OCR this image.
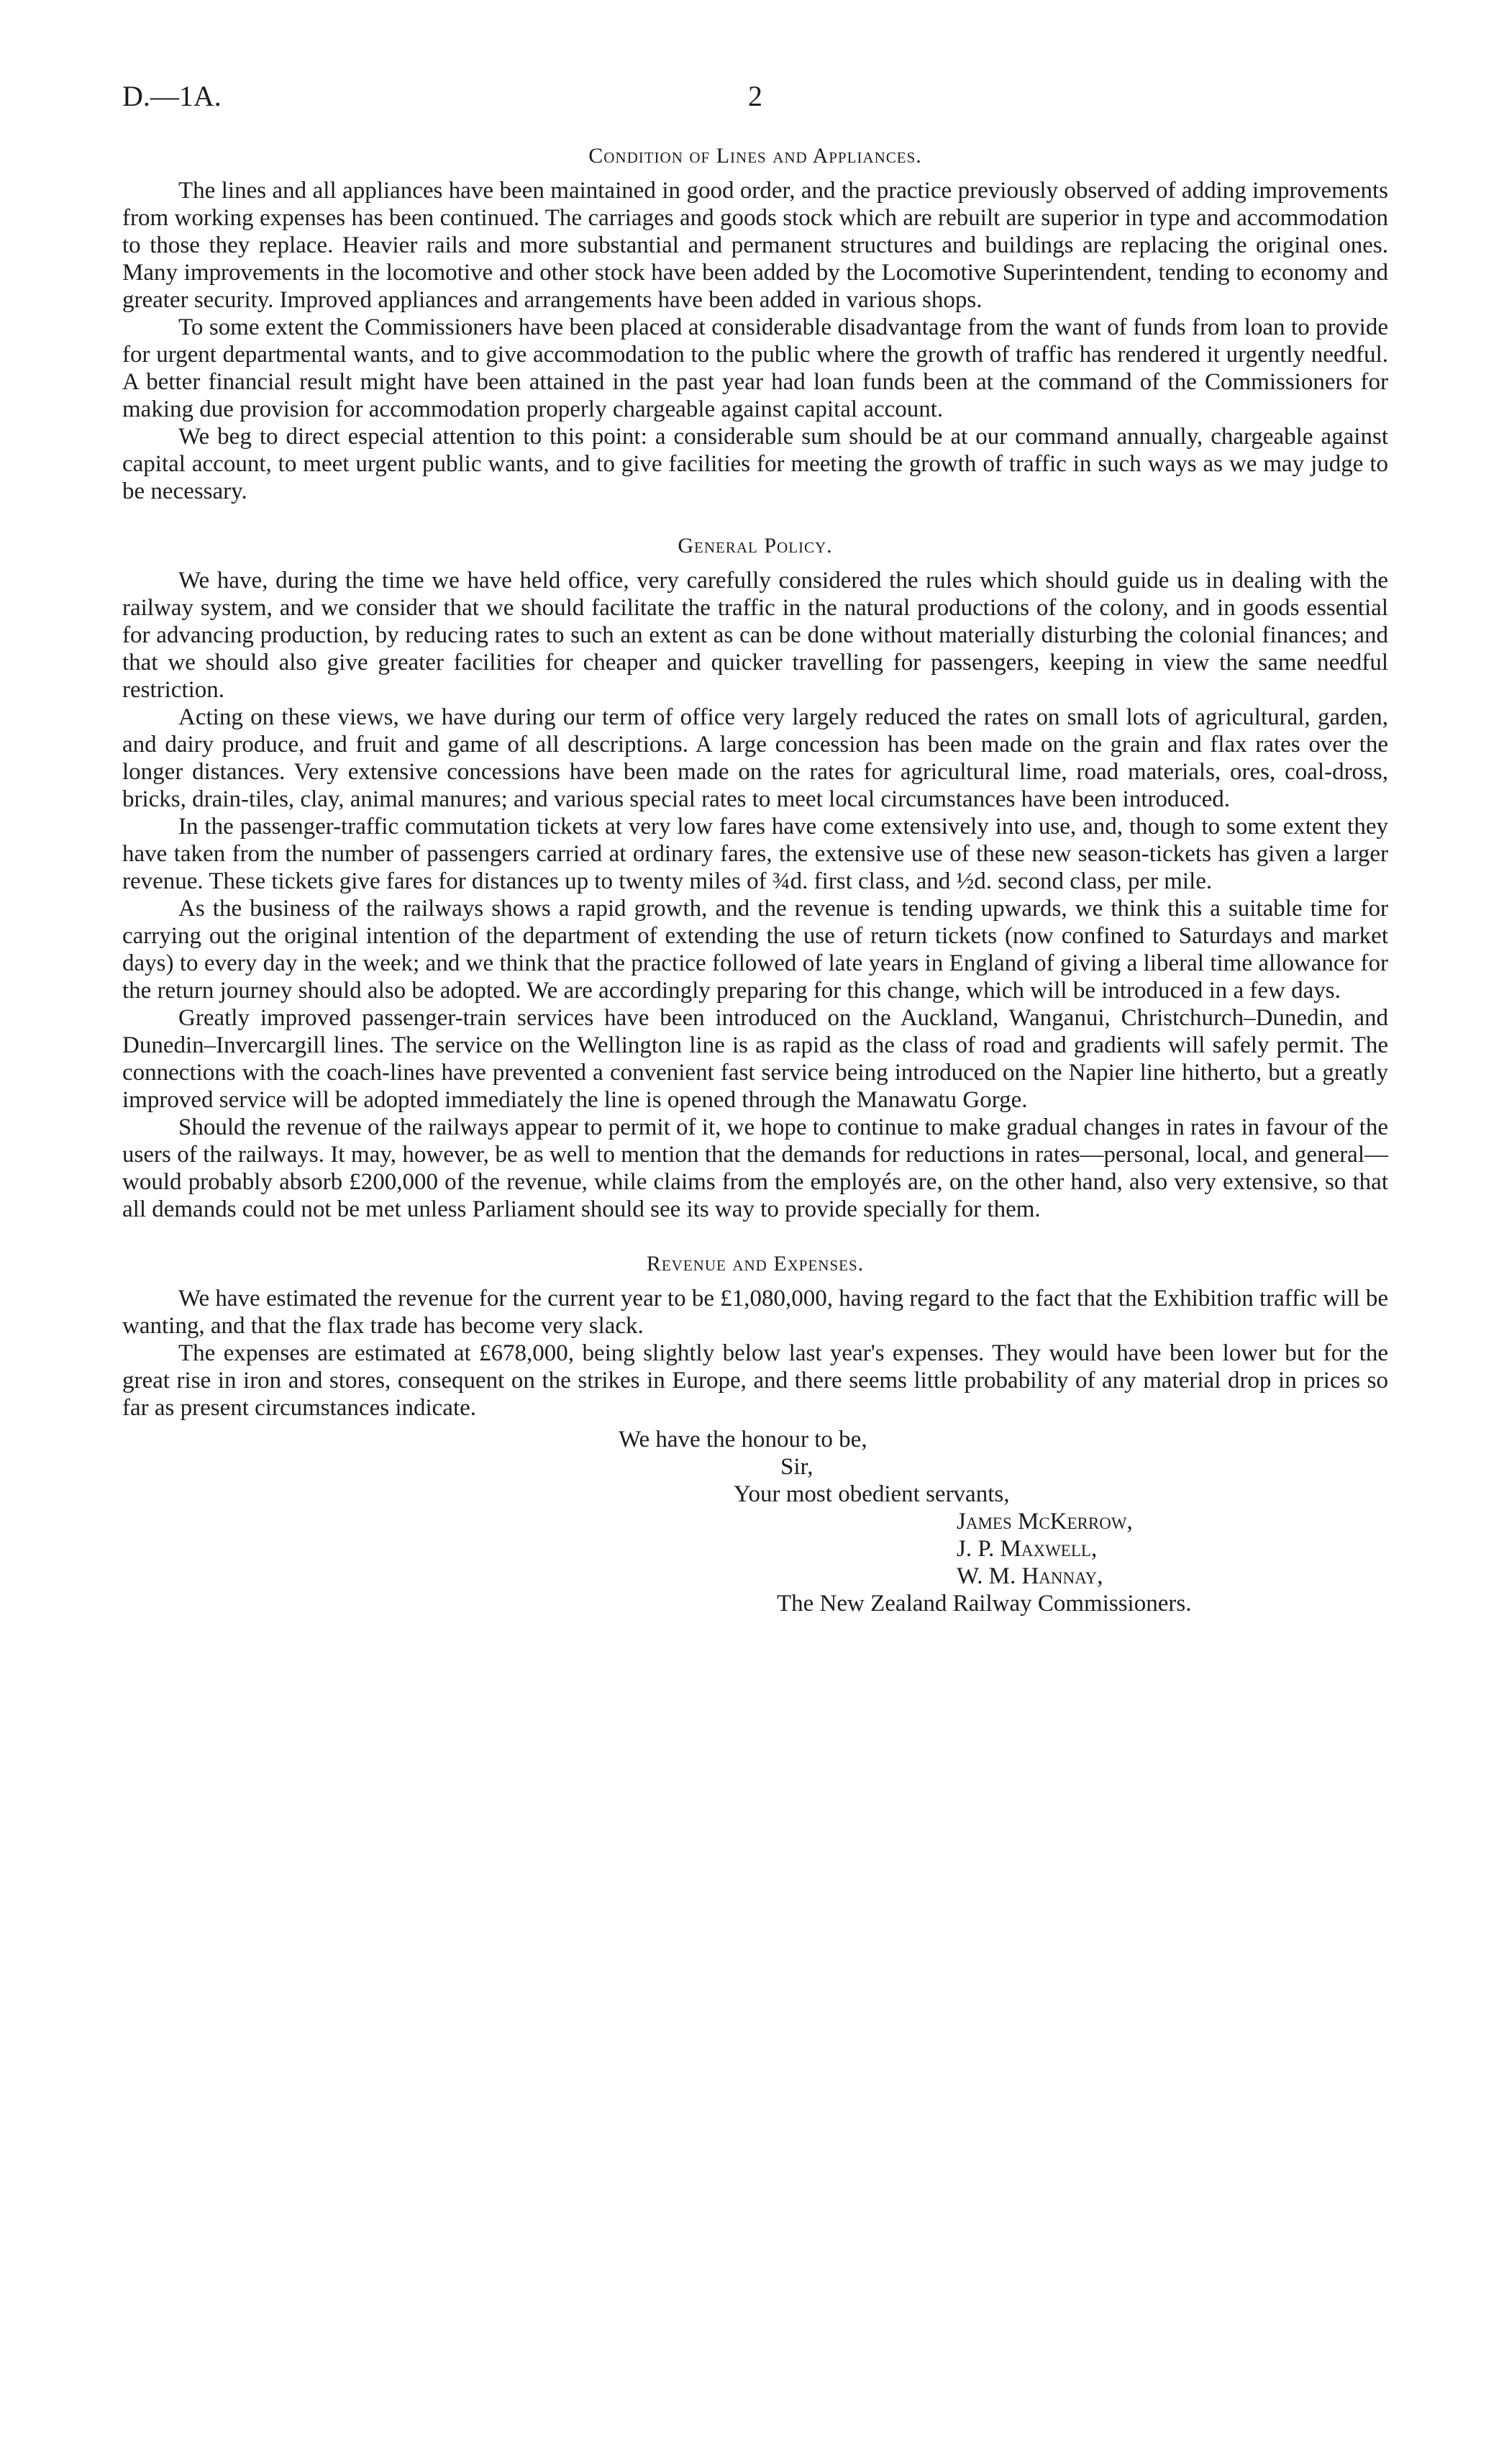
D.—1A.	2
Condition of Lines and Appliances.

The lines and all appliances have been maintained in good order, and the practice previously observed of adding improvements from working expenses has been continued. The carriages and goods stock which are rebuilt are superior in type and accommodation to those they replace. Heavier rails and more substantial and permanent structures and buildings are replacing the original ones. Many improvements in the locomotive and other stock have been added by the Locomotive Superintendent, tending to economy and greater security. Improved appliances and arrangements have been added in various shops.

To some extent the Commissioners have been placed at considerable disadvantage from the want of funds from loan to provide for urgent departmental wants, and to give accommodation to the public where the growth of traffic has rendered it urgently needful. A better financial result might have been attained in the past year had loan funds been at the command of the Commissioners for making due provision for accommodation properly chargeable against capital account.

We beg to direct especial attention to this point: a considerable sum should be at our command annually, chargeable against capital account, to meet urgent public wants, and to give facilities for meeting the growth of traffic in such ways as we may judge to be necessary.

General Policy.

We have, during the time we have held office, very carefully considered the rules which should guide us in dealing with the railway system, and we consider that we should facilitate the traffic in the natural productions of the colony, and in goods essential for advancing production, by reducing rates to such an extent as can be done without materially disturbing the colonial finances; and that we should also give greater facilities for cheaper and quicker travelling for passengers, keeping in view the same needful restriction.

Acting on these views, we have during our term of office very largely reduced the rates on small lots of agricultural, garden, and dairy produce, and fruit and game of all descriptions. A large concession has been made on the grain and flax rates over the longer distances. Very extensive concessions have been made on the rates for agricultural lime, road materials, ores, coal-dross, bricks, drain-tiles, clay, animal manures; and various special rates to meet local circumstances have been introduced.

In the passenger-traffic commutation tickets at very low fares have come extensively into use, and, though to some extent they have taken from the number of passengers carried at ordinary fares, the extensive use of these new season-tickets has given a larger revenue. These tickets give fares for distances up to twenty miles of ¾d. first class, and ½d. second class, per mile.

As the business of the railways shows a rapid growth, and the revenue is tending upwards, we think this a suitable time for carrying out the original intention of the department of extending the use of return tickets (now confined to Saturdays and market days) to every day in the week; and we think that the practice followed of late years in England of giving a liberal time allowance for the return journey should also be adopted. We are accordingly preparing for this change, which will be introduced in a few days.

Greatly improved passenger-train services have been introduced on the Auckland, Wanganui, Christchurch–Dunedin, and Dunedin–Invercargill lines. The service on the Wellington line is as rapid as the class of road and gradients will safely permit. The connections with the coach-lines have prevented a convenient fast service being introduced on the Napier line hitherto, but a greatly improved service will be adopted immediately the line is opened through the Manawatu Gorge.

Should the revenue of the railways appear to permit of it, we hope to continue to make gradual changes in rates in favour of the users of the railways. It may, however, be as well to mention that the demands for reductions in rates—personal, local, and general—would probably absorb £200,000 of the revenue, while claims from the employés are, on the other hand, also very extensive, so that all demands could not be met unless Parliament should see its way to provide specially for them.

Revenue and Expenses.

We have estimated the revenue for the current year to be £1,080,000, having regard to the fact that the Exhibition traffic will be wanting, and that the flax trade has become very slack.

The expenses are estimated at £678,000, being slightly below last year's expenses. They would have been lower but for the great rise in iron and stores, consequent on the strikes in Europe, and there seems little probability of any material drop in prices so far as present circumstances indicate.

We have the honour to be,
Sir,
Your most obedient servants,
James McKerrow,
J. P. Maxwell,
W. M. Hannay,
The New Zealand Railway Commissioners.
